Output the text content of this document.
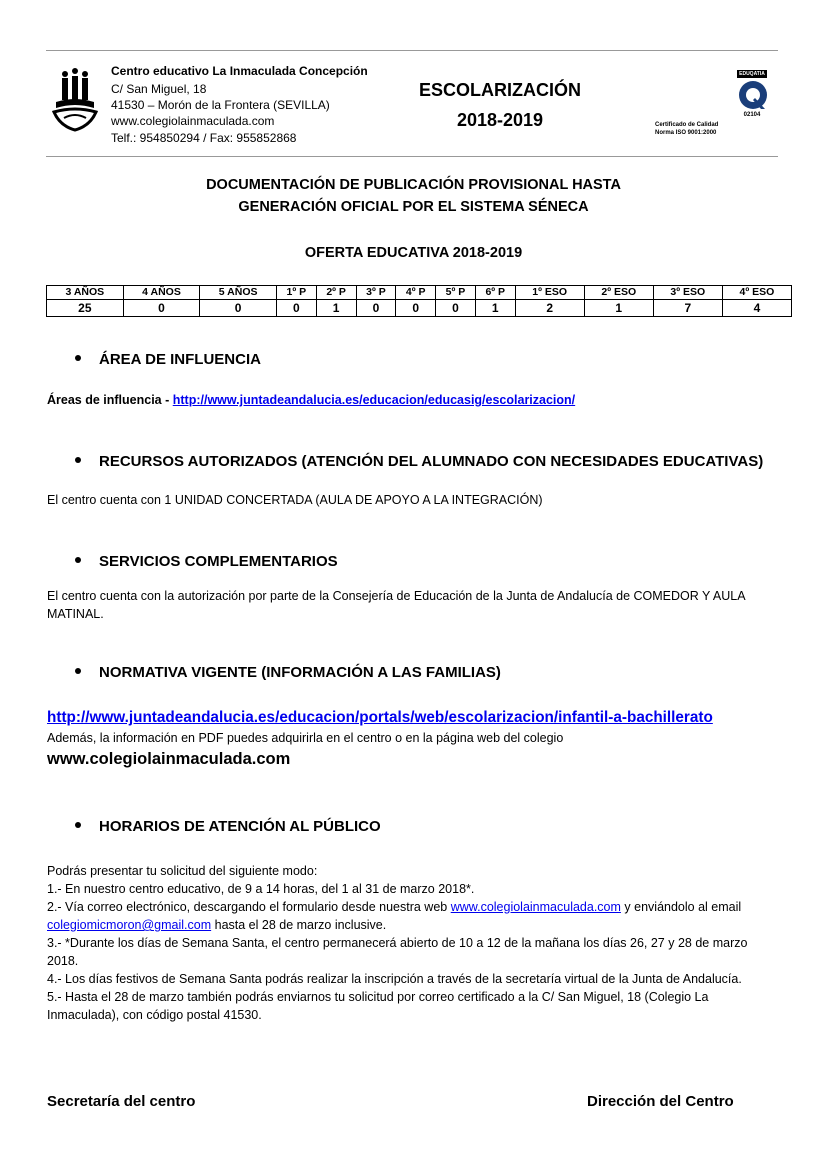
Centro educativo La Inmaculada Concepción
C/ San Miguel, 18
41530 – Morón de la Frontera (SEVILLA)
www.colegiolainmaculada.com
Telf.: 954850294 / Fax: 955852868
ESCOLARIZACIÓN
2018-2019
EDUQATIA
02104
Certificado de Calidad
Norma ISO 9001:2000
DOCUMENTACIÓN DE PUBLICACIÓN PROVISIONAL HASTA
GENERACIÓN OFICIAL POR EL SISTEMA SÉNECA
OFERTA EDUCATIVA 2018-2019
3 AÑOS	4 AÑOS	5 AÑOS	1º P	2º P	3º P	4º P	5º P	6º P	1º ESO	2º ESO	3º ESO	4º ESO
25	0	0	0	1	0	0	0	1	2	1	7	4
ÁREA DE INFLUENCIA
Áreas de influencia - http://www.juntadeandalucia.es/educacion/educasig/escolarizacion/
RECURSOS AUTORIZADOS (ATENCIÓN DEL ALUMNADO CON NECESIDADES EDUCATIVAS)
El centro cuenta con 1 UNIDAD CONCERTADA (AULA DE APOYO A LA INTEGRACIÓN)
SERVICIOS COMPLEMENTARIOS
El centro cuenta con la autorización por parte de la Consejería de Educación de la Junta de Andalucía de COMEDOR Y AULA MATINAL.
NORMATIVA VIGENTE (INFORMACIÓN A LAS FAMILIAS)
http://www.juntadeandalucia.es/educacion/portals/web/escolarizacion/infantil-a-bachillerato
Además, la información en PDF puedes adquirirla en el centro o en la página web del colegio
www.colegiolainmaculada.com
HORARIOS DE ATENCIÓN AL PÚBLICO
Podrás presentar tu solicitud del siguiente modo:
1.- En nuestro centro educativo, de 9 a 14 horas, del 1 al 31 de marzo 2018*.
2.- Vía correo electrónico, descargando el formulario desde nuestra web www.colegiolainmaculada.com y enviándolo al email colegiomicmoron@gmail.com hasta el 28 de marzo inclusive.
3.- *Durante los días de Semana Santa, el centro permanecerá abierto de 10 a 12 de la mañana los días 26, 27 y 28 de marzo 2018.
4.- Los días festivos de Semana Santa podrás realizar la inscripción a través de la secretaría virtual de la Junta de Andalucía.
5.- Hasta el 28 de marzo también podrás enviarnos tu solicitud por correo certificado a la C/ San Miguel, 18 (Colegio La Inmaculada), con código postal 41530.
Secretaría del centro	Dirección del Centro
